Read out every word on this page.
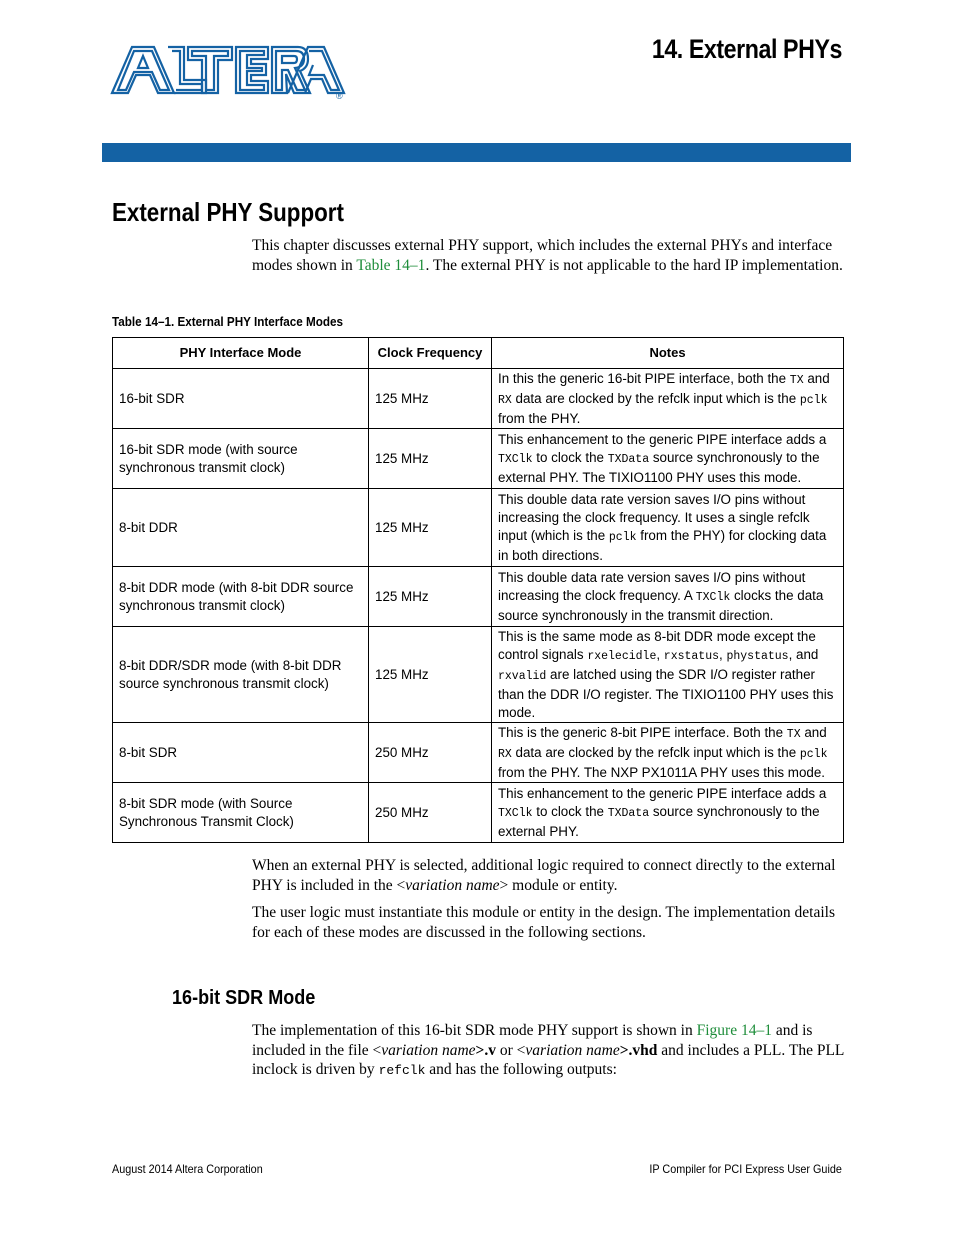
®
14. External PHYs
External PHY Support
This chapter discusses external PHY support, which includes the external PHYs and interface modes shown in Table 14–1. The external PHY is not applicable to the hard IP implementation.
Table 14–1. External PHY Interface Modes
PHY Interface Mode	Clock Frequency	Notes
16-bit SDR	125 MHz	In this the generic 16-bit PIPE interface, both the TX and RX data are clocked by the refclk input which is the pclk from the PHY.
16-bit SDR mode (with source synchronous transmit clock)	125 MHz	This enhancement to the generic PIPE interface adds a TXClk to clock the TXData source synchronously to the external PHY. The TIXIO1100 PHY uses this mode.
8-bit DDR	125 MHz	This double data rate version saves I/O pins without increasing the clock frequency. It uses a single refclk input (which is the pclk from the PHY) for clocking data in both directions.
8-bit DDR mode (with 8-bit DDR source synchronous transmit clock)	125 MHz	This double data rate version saves I/O pins without increasing the clock frequency. A TXClk clocks the data source synchronously in the transmit direction.
8-bit DDR/SDR mode (with 8-bit DDR source synchronous transmit clock)	125 MHz	This is the same mode as 8-bit DDR mode except the control signals rxelecidle, rxstatus, phystatus, and rxvalid are latched using the SDR I/O register rather than the DDR I/O register. The TIXIO1100 PHY uses this mode.
8-bit SDR	250 MHz	This is the generic 8-bit PIPE interface. Both the TX and RX data are clocked by the refclk input which is the pclk from the PHY. The NXP PX1011A PHY uses this mode.
8-bit SDR mode (with Source Synchronous Transmit Clock)	250 MHz	This enhancement to the generic PIPE interface adds a TXClk to clock the TXData source synchronously to the external PHY.
When an external PHY is selected, additional logic required to connect directly to the external PHY is included in the <variation name> module or entity.
The user logic must instantiate this module or entity in the design. The implementation details for each of these modes are discussed in the following sections.
16-bit SDR Mode
The implementation of this 16-bit SDR mode PHY support is shown in Figure 14–1 and is included in the file <variation name>.v or <variation name>.vhd and includes a PLL. The PLL inclock is driven by refclk and has the following outputs:
August 2014 Altera Corporation	IP Compiler for PCI Express User Guide
